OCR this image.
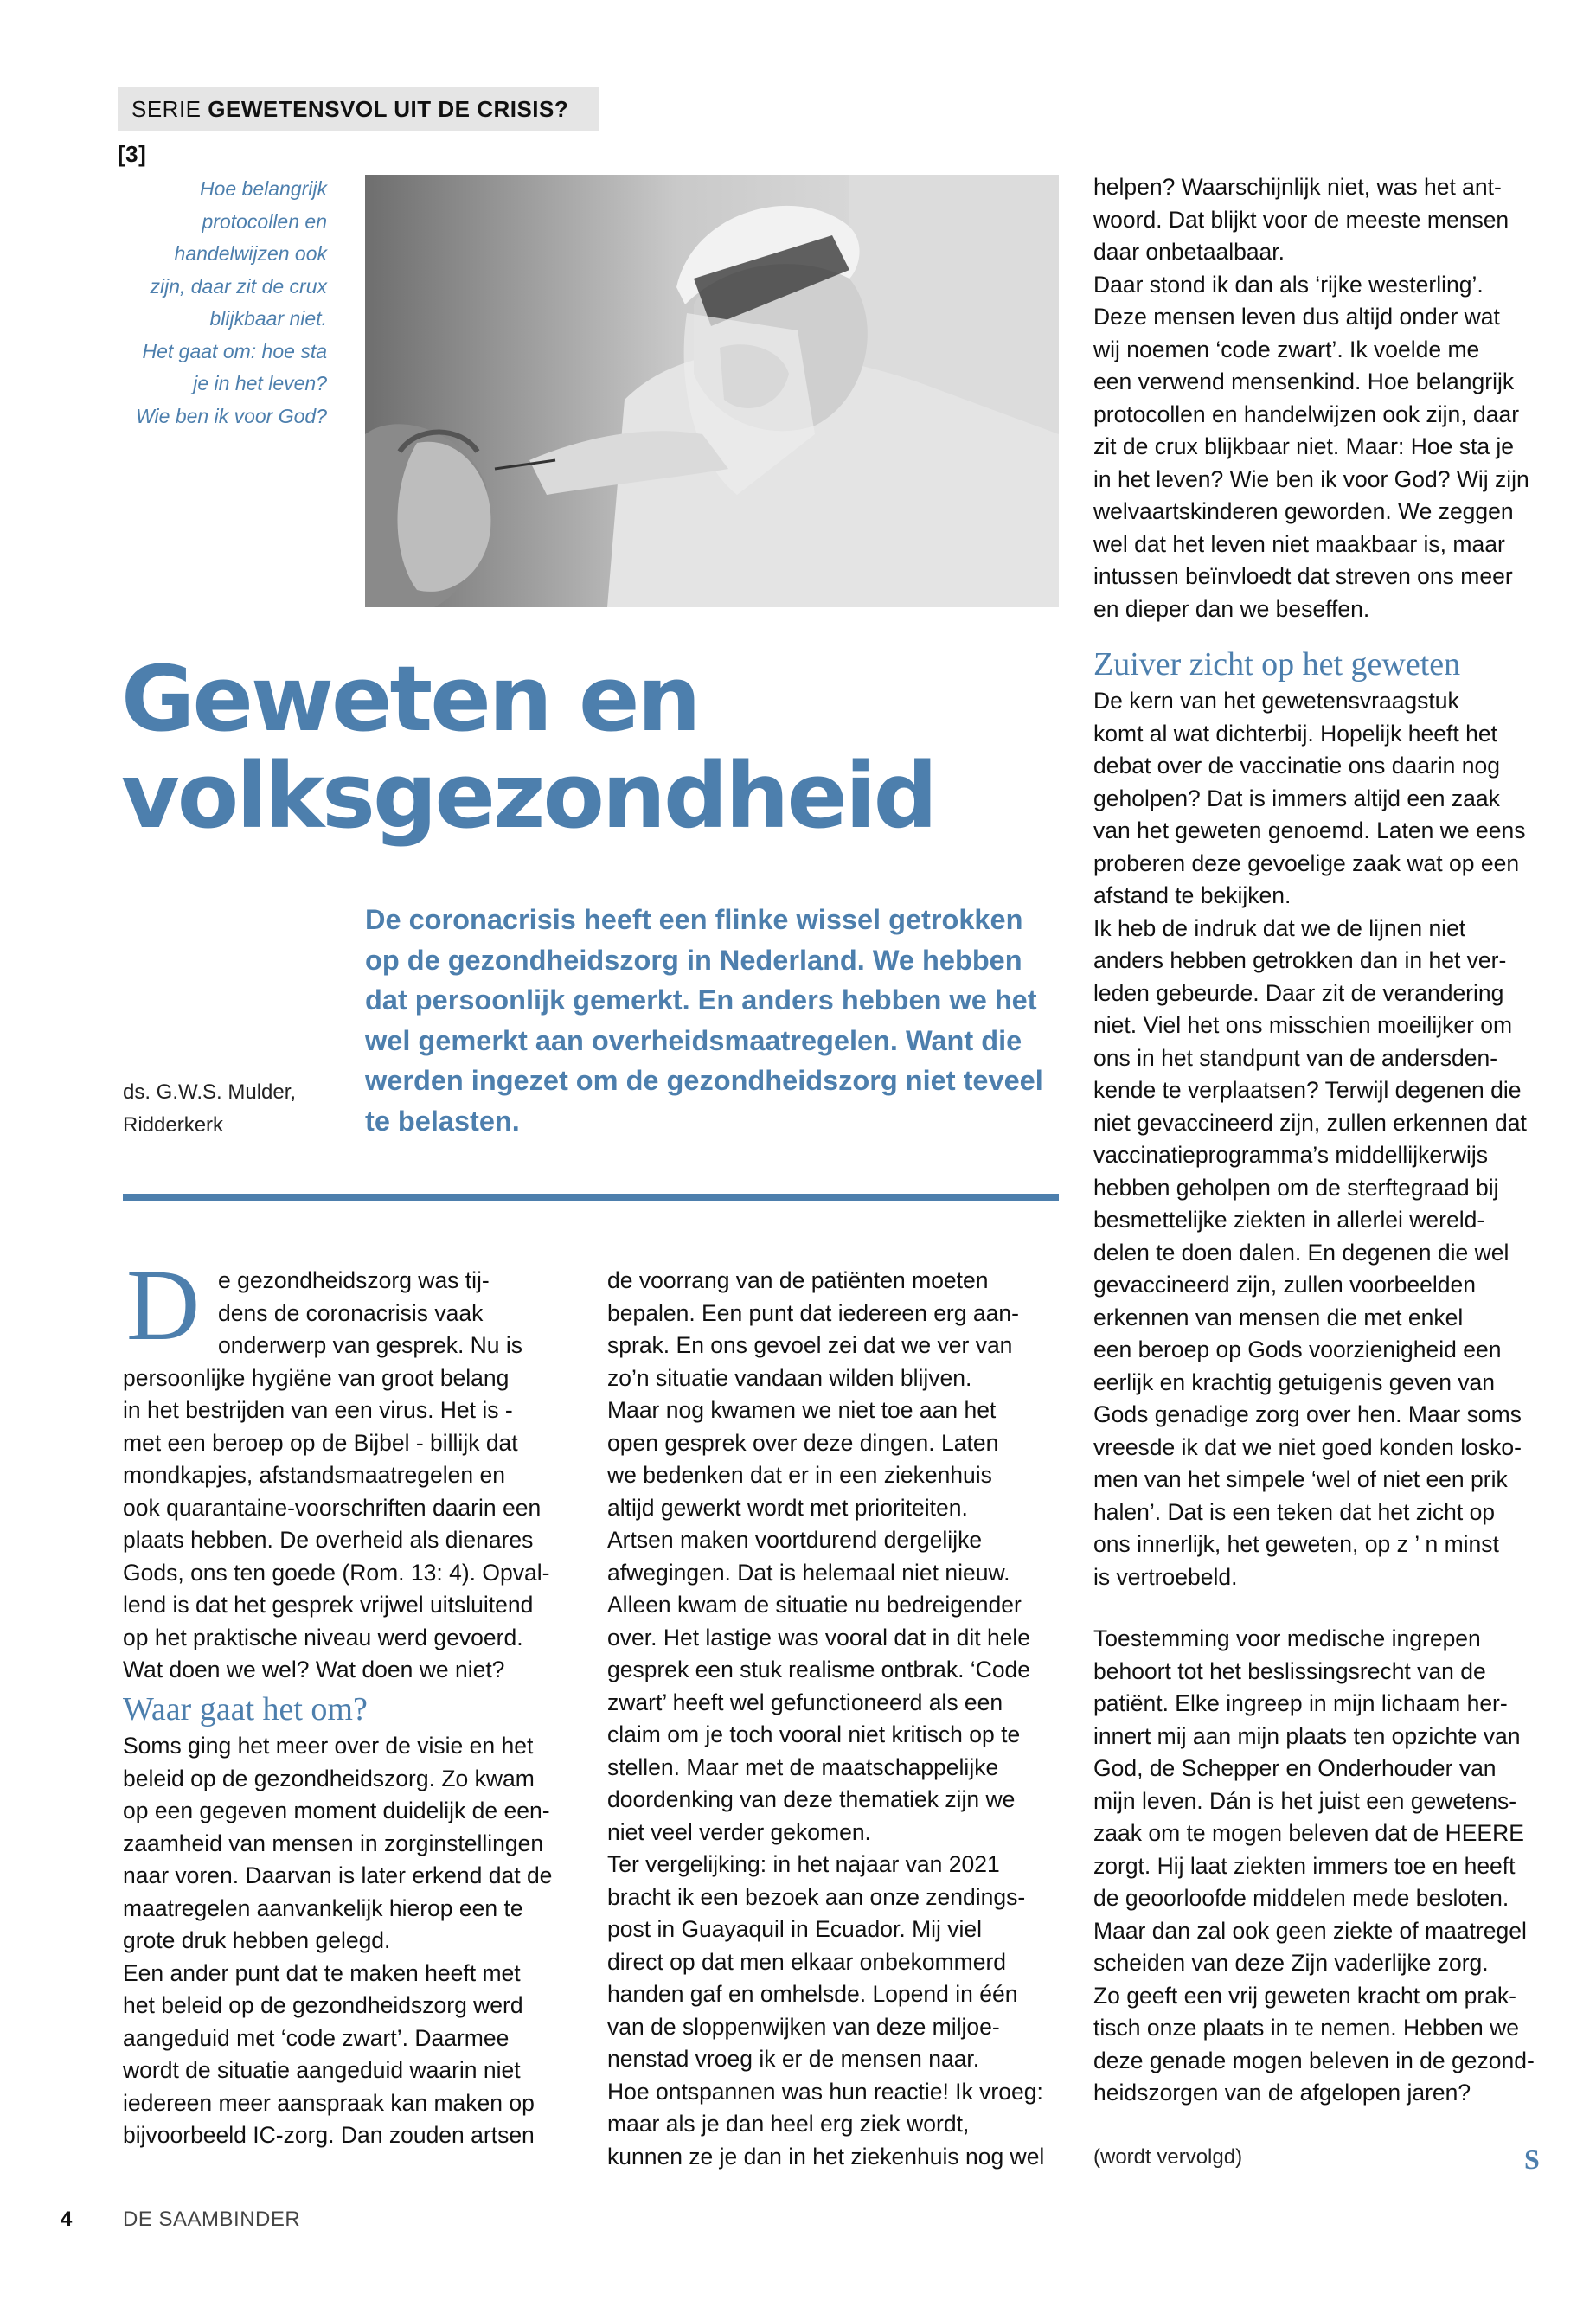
SERIE GEWETENSVOL UIT DE CRISIS? [3]
Hoe belangrijk
protocollen en
handelwijzen ook
zijn, daar zit de crux
blijkbaar niet.
Het gaat om: hoe sta
je in het leven?
Wie ben ik voor God?
Geweten en
volksgezondheid
De coronacrisis heeft een flinke wissel getrokken
op de gezondheidszorg in Nederland. We hebben
dat persoonlijk gemerkt. En anders hebben we het
wel gemerkt aan overheidsmaatregelen. Want die
werden ingezet om de gezondheidszorg niet teveel
te belasten.
ds. G.W.S. Mulder,
Ridderkerk
D e gezondheidszorg was tij-
dens de coronacrisis vaak
onderwerp van gesprek. Nu is
persoonlijke hygiëne van groot belang
in het bestrijden van een virus. Het is -
met een beroep op de Bijbel - billijk dat
mondkapjes, afstandsmaatregelen en
ook quarantaine-voorschriften daarin een
plaats hebben. De overheid als dienares
Gods, ons ten goede (Rom. 13: 4). Opval-
lend is dat het gesprek vrijwel uitsluitend
op het praktische niveau werd gevoerd.
Wat doen we wel? Wat doen we niet?
Waar gaat het om?
Soms ging het meer over de visie en het
beleid op de gezondheidszorg. Zo kwam
op een gegeven moment duidelijk de een-
zaamheid van mensen in zorginstellingen
naar voren. Daarvan is later erkend dat de
maatregelen aanvankelijk hierop een te
grote druk hebben gelegd.
Een ander punt dat te maken heeft met
het beleid op de gezondheidszorg werd
aangeduid met ‘code zwart’. Daarmee
wordt de situatie aangeduid waarin niet
iedereen meer aanspraak kan maken op
bijvoorbeeld IC-zorg. Dan zouden artsen
de voorrang van de patiënten moeten
bepalen. Een punt dat iedereen erg aan-
sprak. En ons gevoel zei dat we ver van
zo’n situatie vandaan wilden blijven.
Maar nog kwamen we niet toe aan het
open gesprek over deze dingen. Laten
we bedenken dat er in een ziekenhuis
altijd gewerkt wordt met prioriteiten.
Artsen maken voortdurend dergelijke
afwegingen. Dat is helemaal niet nieuw.
Alleen kwam de situatie nu bedreigender
over. Het lastige was vooral dat in dit hele
gesprek een stuk realisme ontbrak. ‘Code
zwart’ heeft wel gefunctioneerd als een
claim om je toch vooral niet kritisch op te
stellen. Maar met de maatschappelijke
doordenking van deze thematiek zijn we
niet veel verder gekomen.
Ter vergelijking: in het najaar van 2021
bracht ik een bezoek aan onze zendings-
post in Guayaquil in Ecuador. Mij viel
direct op dat men elkaar onbekommerd
handen gaf en omhelsde. Lopend in één
van de sloppenwijken van deze miljoe-
nenstad vroeg ik er de mensen naar.
Hoe ontspannen was hun reactie! Ik vroeg:
maar als je dan heel erg ziek wordt,
kunnen ze je dan in het ziekenhuis nog wel
helpen? Waarschijnlijk niet, was het ant-
woord. Dat blijkt voor de meeste mensen
daar onbetaalbaar.
Daar stond ik dan als ‘rijke westerling’.
Deze mensen leven dus altijd onder wat
wij noemen ‘code zwart’. Ik voelde me
een verwend mensenkind. Hoe belangrijk
protocollen en handelwijzen ook zijn, daar
zit de crux blijkbaar niet. Maar: Hoe sta je
in het leven? Wie ben ik voor God? Wij zijn
welvaartskinderen geworden. We zeggen
wel dat het leven niet maakbaar is, maar
intussen beïnvloedt dat streven ons meer
en dieper dan we beseffen.
Zuiver zicht op het geweten
De kern van het gewetensvraagstuk
komt al wat dichterbij. Hopelijk heeft het
debat over de vaccinatie ons daarin nog
geholpen? Dat is immers altijd een zaak
van het geweten genoemd. Laten we eens
proberen deze gevoelige zaak wat op een
afstand te bekijken.
Ik heb de indruk dat we de lijnen niet
anders hebben getrokken dan in het ver-
leden gebeurde. Daar zit de verandering
niet. Viel het ons misschien moeilijker om
ons in het standpunt van de andersden-
kende te verplaatsen? Terwijl degenen die
niet gevaccineerd zijn, zullen erkennen dat
vaccinatieprogramma’s middellijkerwijs
hebben geholpen om de sterftegraad bij
besmettelijke ziekten in allerlei wereld-
delen te doen dalen. En degenen die wel
gevaccineerd zijn, zullen voorbeelden
erkennen van mensen die met enkel
een beroep op Gods voorzienigheid een
eerlijk en krachtig getuigenis geven van
Gods genadige zorg over hen. Maar soms
vreesde ik dat we niet goed konden losko-
men van het simpele ‘wel of niet een prik
halen’. Dat is een teken dat het zicht op
ons innerlijk, het geweten, op z ’ n minst
is vertroebeld.
Toestemming voor medische ingrepen
behoort tot het beslissingsrecht van de
patiënt. Elke ingreep in mijn lichaam her-
innert mij aan mijn plaats ten opzichte van
God, de Schepper en Onderhouder van
mijn leven. Dán is het juist een gewetens-
zaak om te mogen beleven dat de HEERE
zorgt. Hij laat ziekten immers toe en heeft
de geoorloofde middelen mede besloten.
Maar dan zal ook geen ziekte of maatregel
scheiden van deze Zijn vaderlijke zorg.
Zo geeft een vrij geweten kracht om prak-
tisch onze plaats in te nemen. Hebben we
deze genade mogen beleven in de gezond-
heidszorgen van de afgelopen jaren?
(wordt vervolgd)	S
4 DE SAAMBINDER
